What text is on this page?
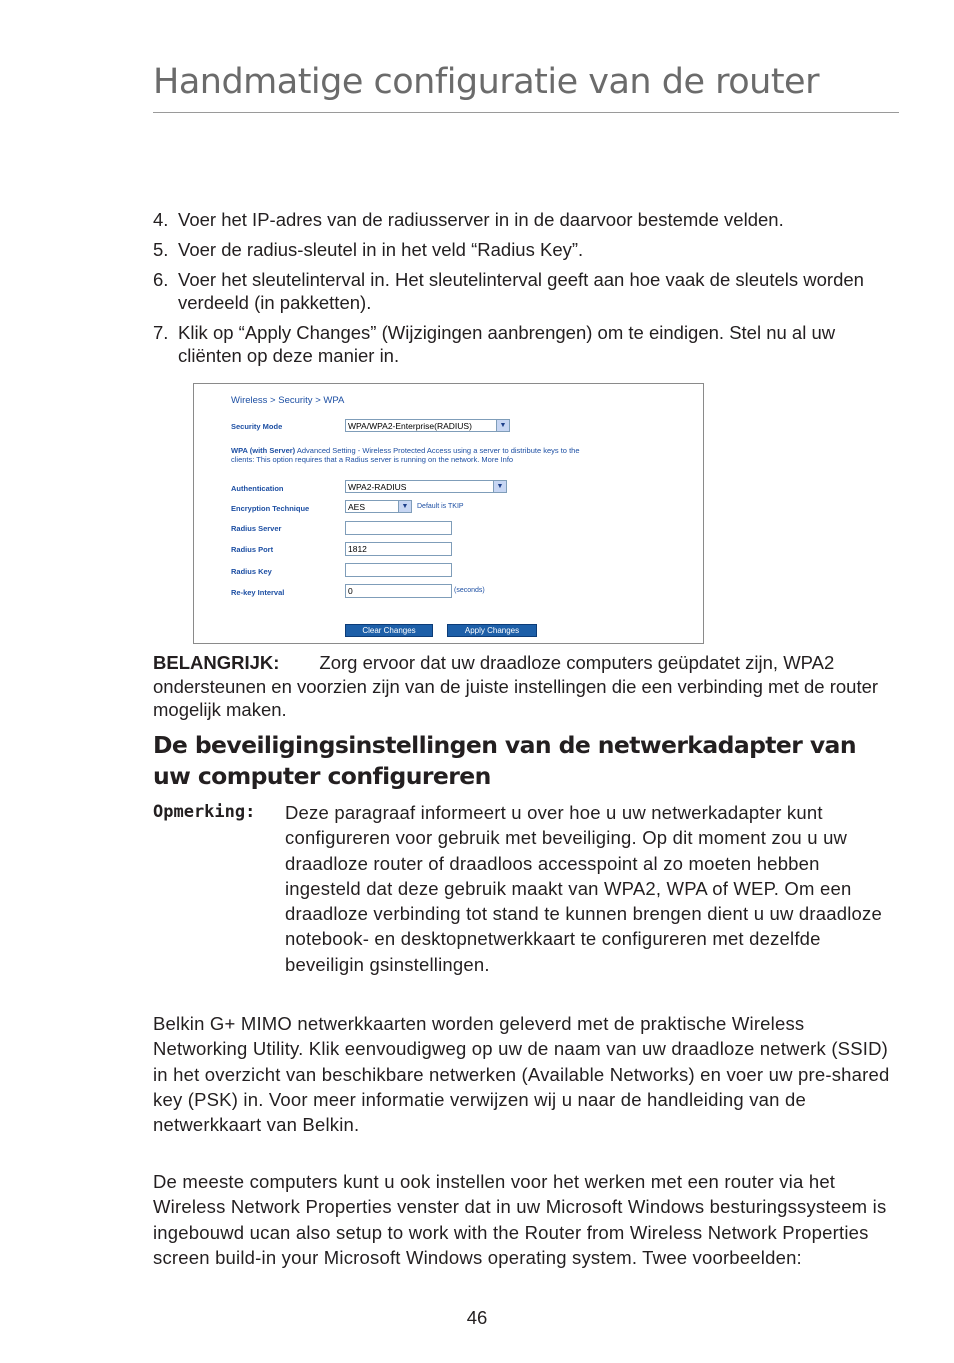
Handmatige configuratie van de router
4. Voer het IP-adres van de radiusserver in in de daarvoor bestemde velden.
5. Voer de radius-sleutel in in het veld “Radius Key”.
6. Voer het sleutelinterval in. Het sleutelinterval geeft aan hoe vaak de sleutels worden verdeeld (in pakketten).
7. Klik op “Apply Changes” (Wijzigingen aanbrengen) om te eindigen. Stel nu al uw cliënten op deze manier in.
Wireless > Security > WPA
Security Mode	WPA/WPA2-Enterprise(RADIUS)	▼
WPA (with Server) Advanced Setting - Wireless Protected Access using a server to distribute keys to the
clients: This option requires that a Radius server is running on the network. More Info
Authentication	WPA2-RADIUS	▼
Encryption Technique	AES	▼	Default is TKIP
Radius Server
Radius Port	1812
Radius Key
Re-key Interval	0	(seconds)
Clear Changes	Apply Changes
BELANGRIJK: Zorg ervoor dat uw draadloze computers geüpdatet zijn, WPA2 ondersteunen en voorzien zijn van de juiste instellingen die een verbinding met de router mogelijk maken.
De beveiligingsinstellingen van de netwerkadapter van uw computer configureren
Opmerking: Deze paragraaf informeert u over hoe u uw netwerkadapter kunt configureren voor gebruik met beveiliging. Op dit moment zou u uw draadloze router of draadloos accesspoint al zo moeten hebben ingesteld dat deze gebruik maakt van WPA2, WPA of WEP. Om een draadloze verbinding tot stand te kunnen brengen dient u uw draadloze notebook- en desktopnetwerkkaart te configureren met dezelfde beveiligin gsinstellingen.
Belkin G+ MIMO netwerkkaarten worden geleverd met de praktische Wireless Networking Utility. Klik eenvoudigweg op uw de naam van uw draadloze netwerk (SSID) in het overzicht van beschikbare netwerken (Available Networks) en voer uw pre-shared key (PSK) in. Voor meer informatie verwijzen wij u naar de handleiding van de netwerkkaart van Belkin.
De meeste computers kunt u ook instellen voor het werken met een router via het Wireless Network Properties venster dat in uw Microsoft Windows besturingssysteem is ingebouwd ucan also setup to work with the Router from Wireless Network Properties screen build-in your Microsoft Windows operating system. Twee voorbeelden:
46
